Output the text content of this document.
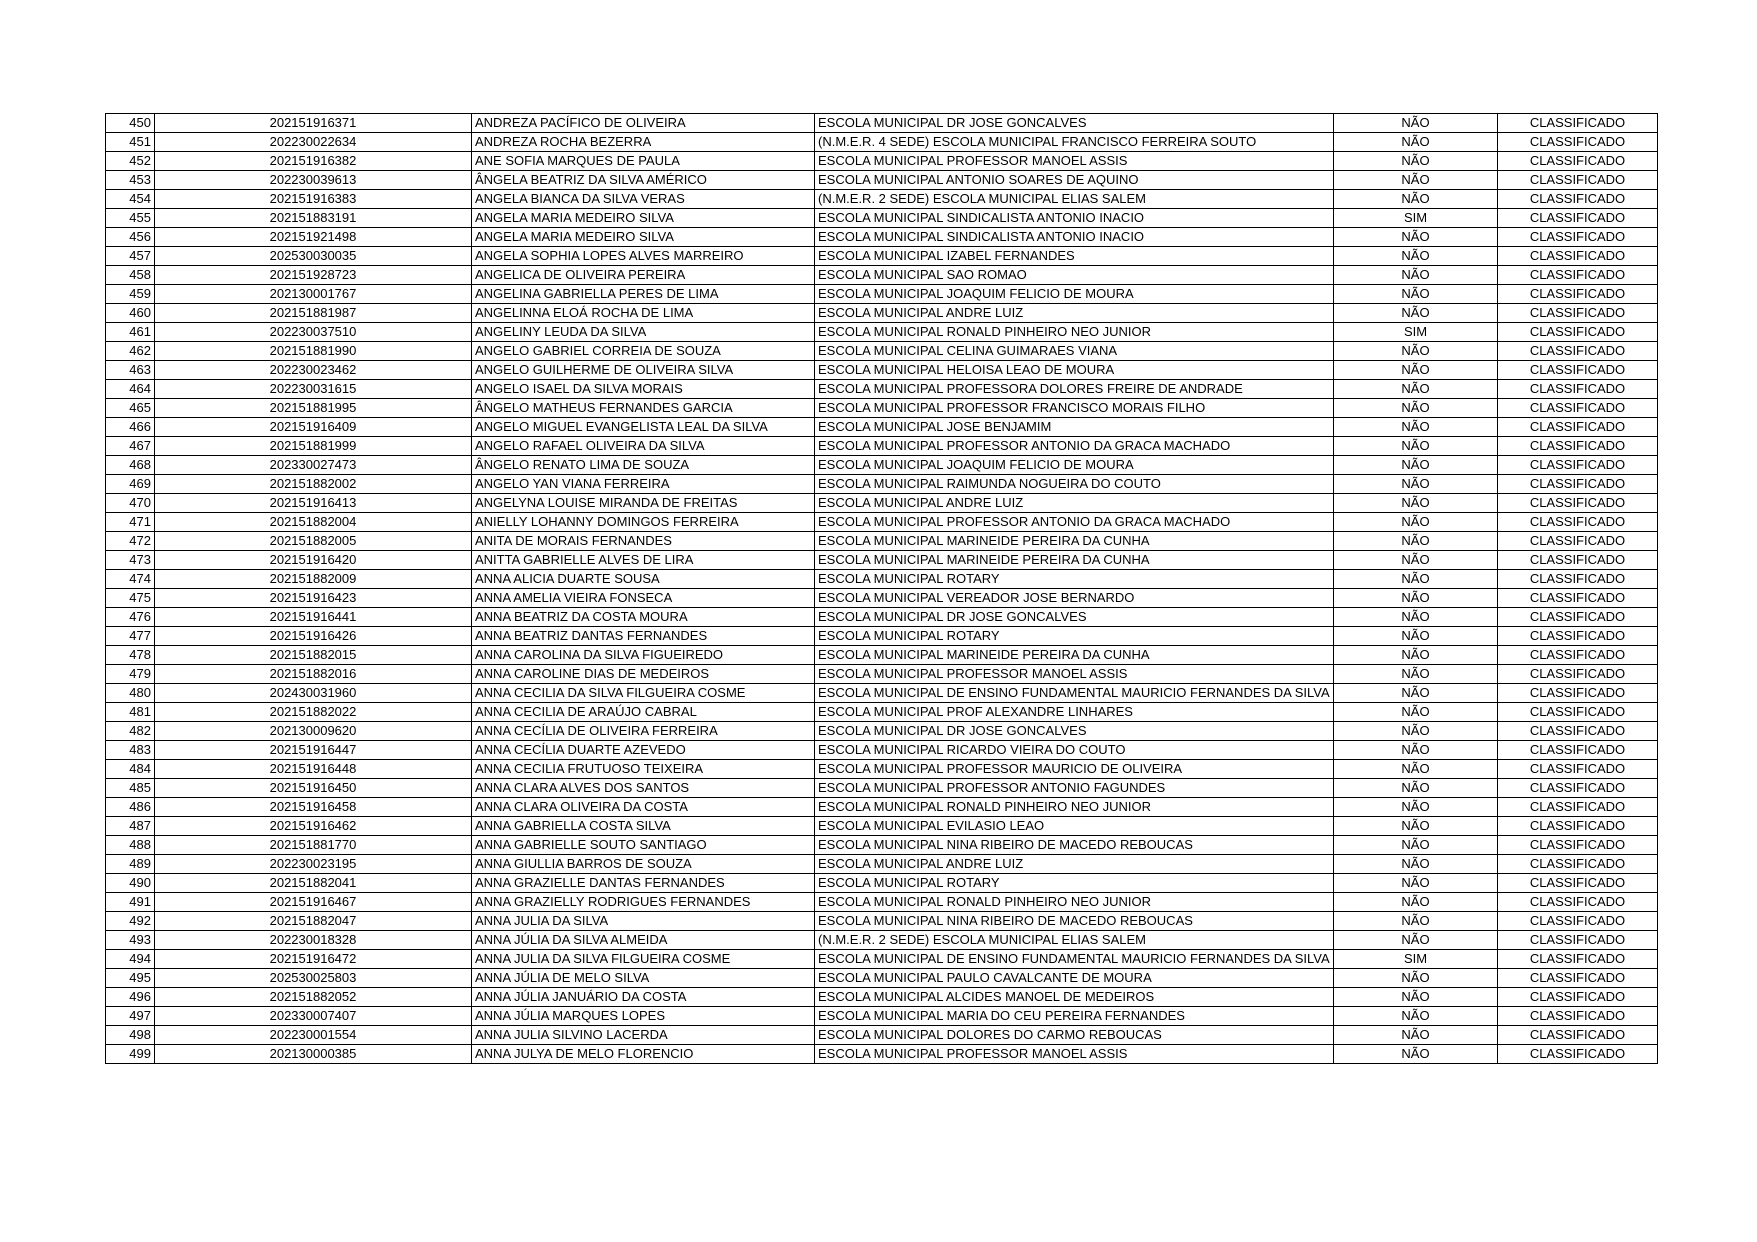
450	202151916371	ANDREZA PACÍFICO DE OLIVEIRA	ESCOLA MUNICIPAL DR JOSE GONCALVES	NÃO	CLASSIFICADO
451	202230022634	ANDREZA ROCHA BEZERRA	(N.M.E.R. 4 SEDE) ESCOLA MUNICIPAL FRANCISCO FERREIRA SOUTO	NÃO	CLASSIFICADO
452	202151916382	ANE SOFIA MARQUES DE PAULA	ESCOLA MUNICIPAL PROFESSOR MANOEL ASSIS	NÃO	CLASSIFICADO
453	202230039613	ÂNGELA BEATRIZ DA SILVA AMÉRICO	ESCOLA MUNICIPAL ANTONIO SOARES DE AQUINO	NÃO	CLASSIFICADO
454	202151916383	ANGELA BIANCA DA SILVA VERAS	(N.M.E.R. 2 SEDE) ESCOLA MUNICIPAL ELIAS SALEM	NÃO	CLASSIFICADO
455	202151883191	ANGELA MARIA MEDEIRO SILVA	ESCOLA MUNICIPAL SINDICALISTA ANTONIO INACIO	SIM	CLASSIFICADO
456	202151921498	ANGELA MARIA MEDEIRO SILVA	ESCOLA MUNICIPAL SINDICALISTA ANTONIO INACIO	NÃO	CLASSIFICADO
457	202530030035	ANGELA SOPHIA LOPES ALVES MARREIRO	ESCOLA MUNICIPAL IZABEL FERNANDES	NÃO	CLASSIFICADO
458	202151928723	ANGELICA DE OLIVEIRA PEREIRA	ESCOLA MUNICIPAL SAO ROMAO	NÃO	CLASSIFICADO
459	202130001767	ANGELINA GABRIELLA PERES DE LIMA	ESCOLA MUNICIPAL JOAQUIM FELICIO DE MOURA	NÃO	CLASSIFICADO
460	202151881987	ANGELINNA ELOÁ ROCHA DE LIMA	ESCOLA MUNICIPAL ANDRE LUIZ	NÃO	CLASSIFICADO
461	202230037510	ANGELINY LEUDA DA SILVA	ESCOLA MUNICIPAL RONALD PINHEIRO NEO JUNIOR	SIM	CLASSIFICADO
462	202151881990	ANGELO GABRIEL CORREIA DE SOUZA	ESCOLA MUNICIPAL CELINA GUIMARAES VIANA	NÃO	CLASSIFICADO
463	202230023462	ANGELO GUILHERME DE OLIVEIRA SILVA	ESCOLA MUNICIPAL HELOISA LEAO DE MOURA	NÃO	CLASSIFICADO
464	202230031615	ANGELO ISAEL DA SILVA MORAIS	ESCOLA MUNICIPAL PROFESSORA DOLORES FREIRE DE ANDRADE	NÃO	CLASSIFICADO
465	202151881995	ÂNGELO MATHEUS FERNANDES GARCIA	ESCOLA MUNICIPAL PROFESSOR FRANCISCO MORAIS FILHO	NÃO	CLASSIFICADO
466	202151916409	ANGELO MIGUEL EVANGELISTA LEAL DA SILVA	ESCOLA MUNICIPAL JOSE BENJAMIM	NÃO	CLASSIFICADO
467	202151881999	ANGELO RAFAEL OLIVEIRA DA SILVA	ESCOLA MUNICIPAL PROFESSOR ANTONIO DA GRACA MACHADO	NÃO	CLASSIFICADO
468	202330027473	ÂNGELO RENATO LIMA DE SOUZA	ESCOLA MUNICIPAL JOAQUIM FELICIO DE MOURA	NÃO	CLASSIFICADO
469	202151882002	ANGELO YAN VIANA FERREIRA	ESCOLA MUNICIPAL RAIMUNDA NOGUEIRA DO COUTO	NÃO	CLASSIFICADO
470	202151916413	ANGELYNA LOUISE MIRANDA DE FREITAS	ESCOLA MUNICIPAL ANDRE LUIZ	NÃO	CLASSIFICADO
471	202151882004	ANIELLY LOHANNY DOMINGOS FERREIRA	ESCOLA MUNICIPAL PROFESSOR ANTONIO DA GRACA MACHADO	NÃO	CLASSIFICADO
472	202151882005	ANITA DE MORAIS FERNANDES	ESCOLA MUNICIPAL MARINEIDE PEREIRA DA CUNHA	NÃO	CLASSIFICADO
473	202151916420	ANITTA GABRIELLE ALVES DE LIRA	ESCOLA MUNICIPAL MARINEIDE PEREIRA DA CUNHA	NÃO	CLASSIFICADO
474	202151882009	ANNA ALICIA DUARTE SOUSA	ESCOLA MUNICIPAL ROTARY	NÃO	CLASSIFICADO
475	202151916423	ANNA AMELIA VIEIRA FONSECA	ESCOLA MUNICIPAL VEREADOR JOSE BERNARDO	NÃO	CLASSIFICADO
476	202151916441	ANNA BEATRIZ DA COSTA MOURA	ESCOLA MUNICIPAL DR JOSE GONCALVES	NÃO	CLASSIFICADO
477	202151916426	ANNA BEATRIZ DANTAS FERNANDES	ESCOLA MUNICIPAL ROTARY	NÃO	CLASSIFICADO
478	202151882015	ANNA CAROLINA DA SILVA FIGUEIREDO	ESCOLA MUNICIPAL MARINEIDE PEREIRA DA CUNHA	NÃO	CLASSIFICADO
479	202151882016	ANNA CAROLINE DIAS DE MEDEIROS	ESCOLA MUNICIPAL PROFESSOR MANOEL ASSIS	NÃO	CLASSIFICADO
480	202430031960	ANNA CECILIA DA SILVA FILGUEIRA COSME	ESCOLA MUNICIPAL DE ENSINO FUNDAMENTAL MAURICIO FERNANDES DA SILVA	NÃO	CLASSIFICADO
481	202151882022	ANNA CECILIA DE ARAÚJO CABRAL	ESCOLA MUNICIPAL PROF ALEXANDRE LINHARES	NÃO	CLASSIFICADO
482	202130009620	ANNA CECÍLIA DE OLIVEIRA FERREIRA	ESCOLA MUNICIPAL DR JOSE GONCALVES	NÃO	CLASSIFICADO
483	202151916447	ANNA CECÍLIA DUARTE AZEVEDO	ESCOLA MUNICIPAL RICARDO VIEIRA DO COUTO	NÃO	CLASSIFICADO
484	202151916448	ANNA CECILIA FRUTUOSO TEIXEIRA	ESCOLA MUNICIPAL PROFESSOR MAURICIO DE OLIVEIRA	NÃO	CLASSIFICADO
485	202151916450	ANNA CLARA ALVES DOS SANTOS	ESCOLA MUNICIPAL PROFESSOR ANTONIO FAGUNDES	NÃO	CLASSIFICADO
486	202151916458	ANNA CLARA OLIVEIRA DA COSTA	ESCOLA MUNICIPAL RONALD PINHEIRO NEO JUNIOR	NÃO	CLASSIFICADO
487	202151916462	ANNA GABRIELLA COSTA SILVA	ESCOLA MUNICIPAL EVILASIO LEAO	NÃO	CLASSIFICADO
488	202151881770	ANNA GABRIELLE SOUTO SANTIAGO	ESCOLA MUNICIPAL NINA RIBEIRO DE MACEDO REBOUCAS	NÃO	CLASSIFICADO
489	202230023195	ANNA GIULLIA BARROS DE SOUZA	ESCOLA MUNICIPAL ANDRE LUIZ	NÃO	CLASSIFICADO
490	202151882041	ANNA GRAZIELLE DANTAS FERNANDES	ESCOLA MUNICIPAL ROTARY	NÃO	CLASSIFICADO
491	202151916467	ANNA GRAZIELLY RODRIGUES FERNANDES	ESCOLA MUNICIPAL RONALD PINHEIRO NEO JUNIOR	NÃO	CLASSIFICADO
492	202151882047	ANNA JULIA DA SILVA	ESCOLA MUNICIPAL NINA RIBEIRO DE MACEDO REBOUCAS	NÃO	CLASSIFICADO
493	202230018328	ANNA JÚLIA DA SILVA ALMEIDA	(N.M.E.R. 2 SEDE) ESCOLA MUNICIPAL ELIAS SALEM	NÃO	CLASSIFICADO
494	202151916472	ANNA JULIA DA SILVA FILGUEIRA COSME	ESCOLA MUNICIPAL DE ENSINO FUNDAMENTAL MAURICIO FERNANDES DA SILVA	SIM	CLASSIFICADO
495	202530025803	ANNA JÚLIA DE MELO SILVA	ESCOLA MUNICIPAL PAULO CAVALCANTE DE MOURA	NÃO	CLASSIFICADO
496	202151882052	ANNA JÚLIA JANUÁRIO DA COSTA	ESCOLA MUNICIPAL ALCIDES MANOEL DE MEDEIROS	NÃO	CLASSIFICADO
497	202330007407	ANNA JÚLIA MARQUES LOPES	ESCOLA MUNICIPAL MARIA DO CEU PEREIRA FERNANDES	NÃO	CLASSIFICADO
498	202230001554	ANNA JULIA SILVINO LACERDA	ESCOLA MUNICIPAL DOLORES DO CARMO REBOUCAS	NÃO	CLASSIFICADO
499	202130000385	ANNA JULYA DE MELO FLORENCIO	ESCOLA MUNICIPAL PROFESSOR MANOEL ASSIS	NÃO	CLASSIFICADO
